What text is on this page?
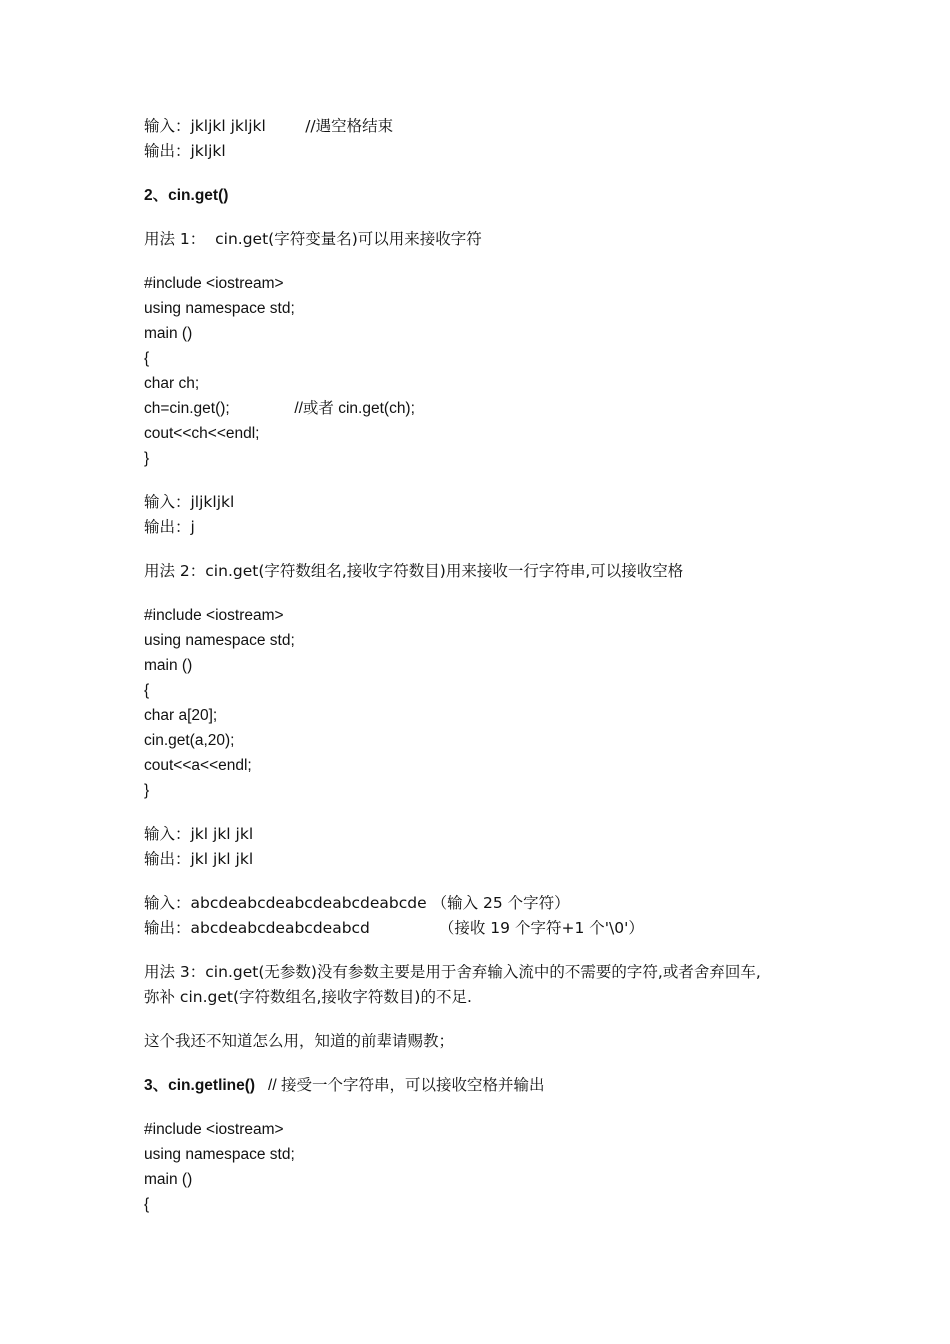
输入：jkljkl jkljkl        //遇空格结束
输出：jkljkl
2、cin.get()
用法 1：  cin.get(字符变量名)可以用来接收字符
#include <iostream>
using namespace std;
main ()
{
char ch;
ch=cin.get();               //或者 cin.get(ch);
cout<<ch<<endl;
}
输入：jljkljkl
输出：j
用法 2：cin.get(字符数组名,接收字符数目)用来接收一行字符串,可以接收空格
#include <iostream>
using namespace std;
main ()
{
char a[20];
cin.get(a,20);
cout<<a<<endl;
}
输入：jkl jkl jkl
输出：jkl jkl jkl
输入：abcdeabcdeabcdeabcdeabcde （输入 25 个字符）
输出：abcdeabcdeabcdeabcd              （接收 19 个字符+1 个'\0'）
用法 3：cin.get(无参数)没有参数主要是用于舍弃输入流中的不需要的字符,或者舍弃回车,
弥补 cin.get(字符数组名,接收字符数目)的不足.
这个我还不知道怎么用，知道的前辈请赐教；
3、cin.getline()   // 接受一个字符串，可以接收空格并输出
#include <iostream>
using namespace std;
main ()
{
